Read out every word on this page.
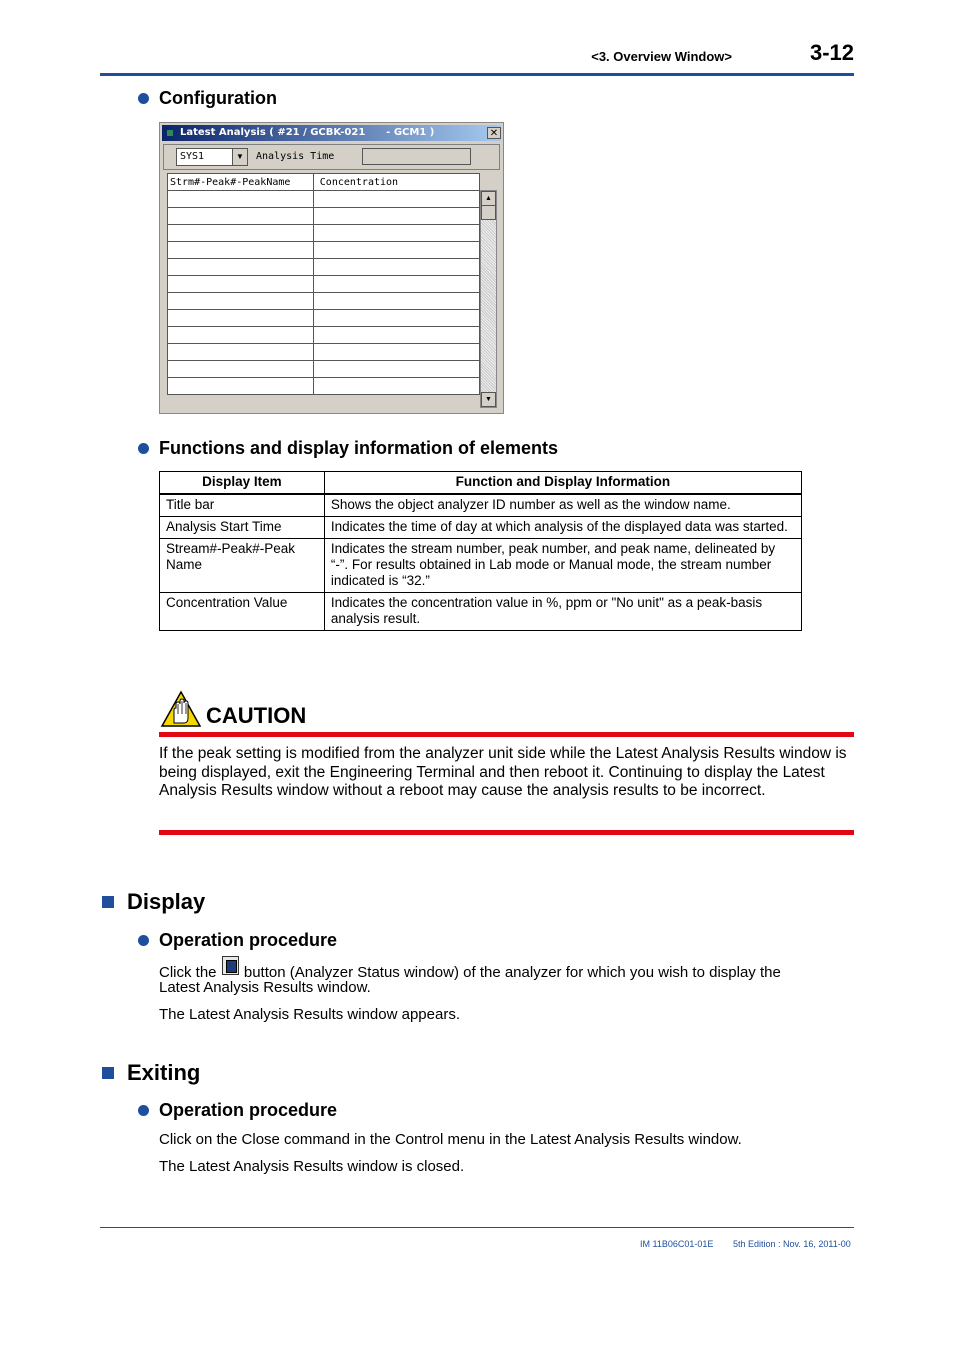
<3. Overview Window>	3-12
Configuration
Latest Analysis ( #21 / GCBK-021      - GCM1 )	✕
SYS1	▼	Analysis Time
Strm#-Peak#-PeakName	Concentration

▲
▼
Functions and display information of elements
Display Item	Function and Display Information
Title bar	Shows the object analyzer ID number as well as the window name.
Analysis Start Time	Indicates the time of day at which analysis of the displayed data was started.
Stream#-Peak#-Peak Name	Indicates the stream number, peak number, and peak name, delineated by “-”. For results obtained in Lab mode or Manual mode, the stream number indicated is “32.”
Concentration Value	Indicates the concentration value in %, ppm or "No unit" as a peak-basis analysis result.
CAUTION
If the peak setting is modified from the analyzer unit side while the Latest Analysis Results window is being displayed, exit the Engineering Terminal and then reboot it. Continuing to display the Latest Analysis Results window without a reboot may cause the analysis results to be incorrect.
Display
Operation procedure
Click the button (Analyzer Status window) of the analyzer for which you wish to display the
Latest Analysis Results window.
The Latest Analysis Results window appears.
Exiting
Operation procedure
Click on the Close command in the Control menu in the Latest Analysis Results window.
The Latest Analysis Results window is closed.
IM 11B06C01-01E 5th Edition : Nov. 16, 2011-00
